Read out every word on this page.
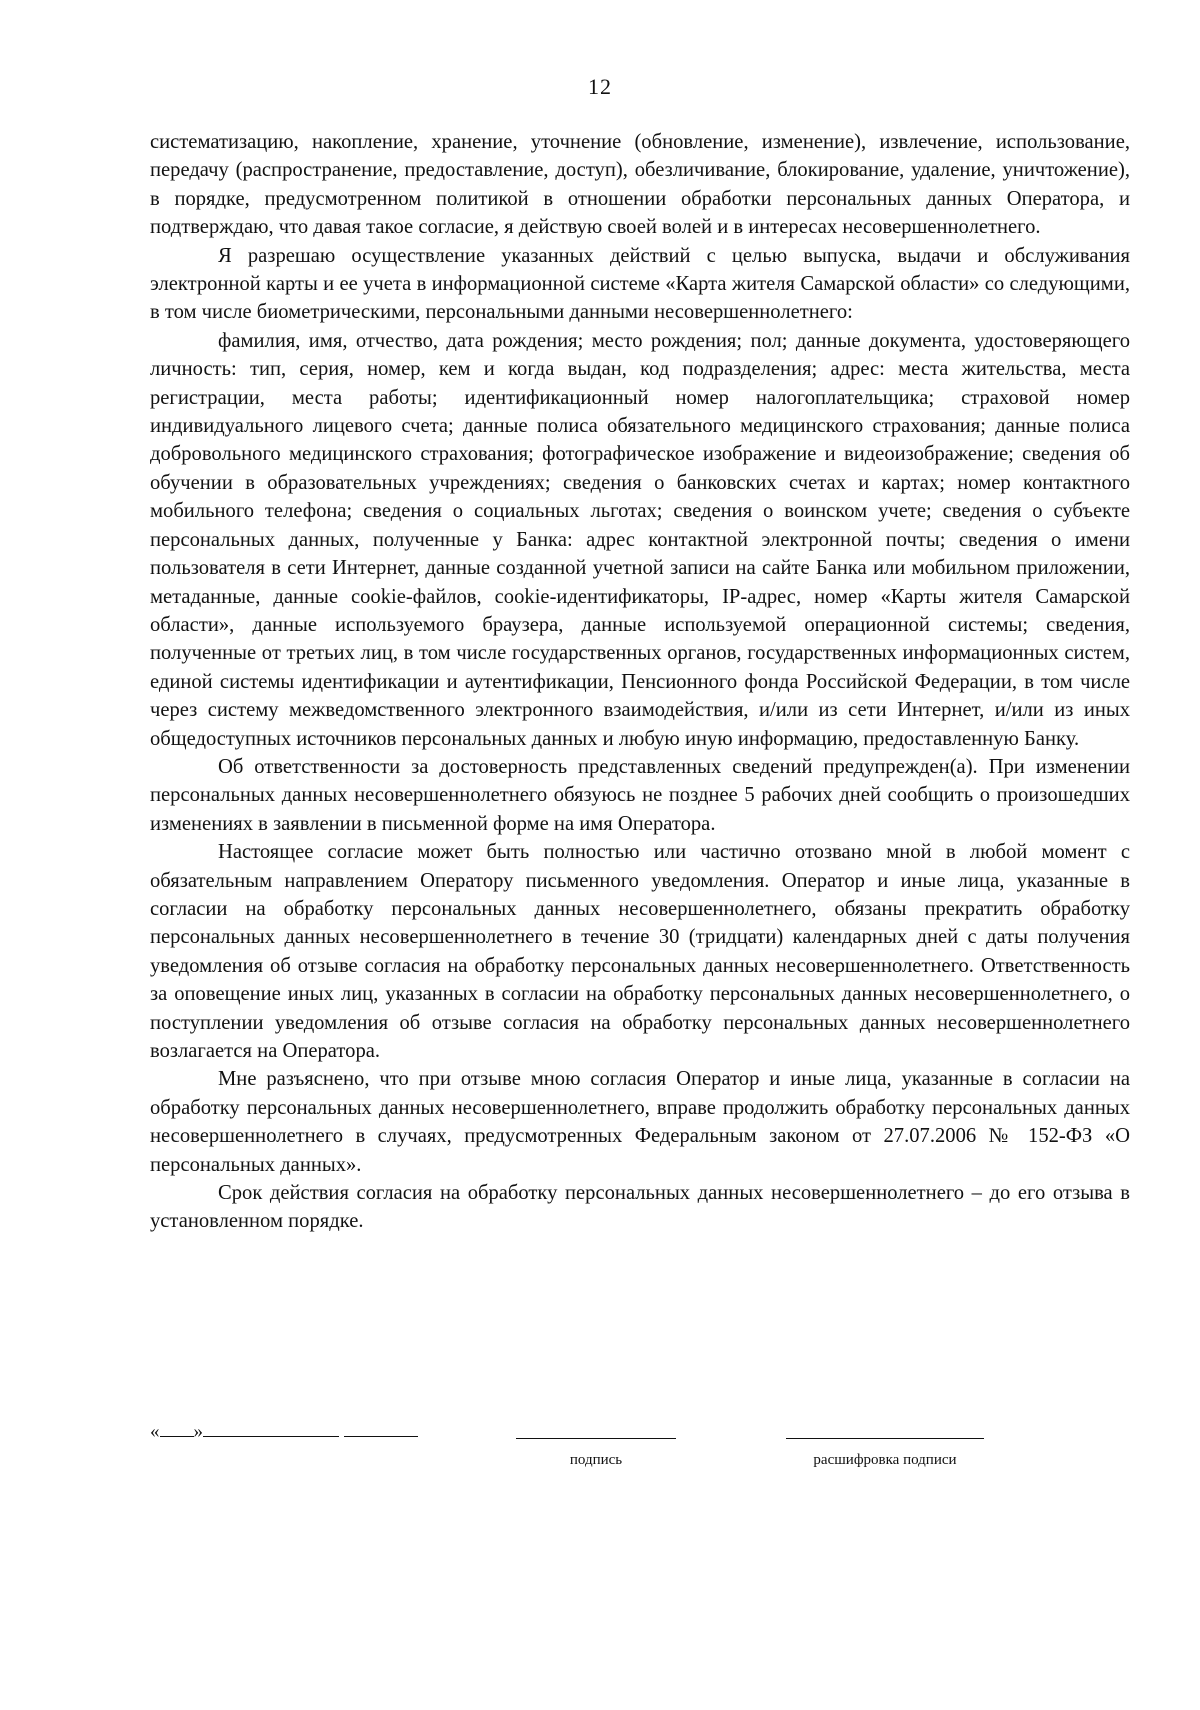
12

систематизацию, накопление, хранение, уточнение (обновление, изменение), извлечение, использование, передачу (распространение, предоставление, доступ), обезличивание, блокирование, удаление, уничтожение), в порядке, предусмотренном политикой в отношении обработки персональных данных Оператора, и подтверждаю, что давая такое согласие, я действую своей волей и в интересах несовершеннолетнего.

Я разрешаю осуществление указанных действий с целью выпуска, выдачи и обслуживания электронной карты и ее учета в информационной системе «Карта жителя Самарской области» со следующими, в том числе биометрическими, персональными данными несовершеннолетнего:

фамилия, имя, отчество, дата рождения; место рождения; пол; данные документа, удостоверяющего личность: тип, серия, номер, кем и когда выдан, код подразделения; адрес: места жительства, места регистрации, места работы; идентификационный номер налогоплательщика; страховой номер индивидуального лицевого счета; данные полиса обязательного медицинского страхования; данные полиса добровольного медицинского страхования; фотографическое изображение и видеоизображение; сведения об обучении в образовательных учреждениях; сведения о банковских счетах и картах; номер контактного мобильного телефона; сведения о социальных льготах; сведения о воинском учете; сведения о субъекте персональных данных, полученные у Банка: адрес контактной электронной почты; сведения о имени пользователя в сети Интернет, данные созданной учетной записи на сайте Банка или мобильном приложении, метаданные, данные cookie-файлов, cookie-идентификаторы, IP-адрес, номер «Карты жителя Самарской области», данные используемого браузера, данные используемой операционной системы; сведения, полученные от третьих лиц, в том числе государственных органов, государственных информационных систем, единой системы идентификации и аутентификации, Пенсионного фонда Российской Федерации, в том числе через систему межведомственного электронного взаимодействия, и/или из сети Интернет, и/или из иных общедоступных источников персональных данных и любую иную информацию, предоставленную Банку.

Об ответственности за достоверность представленных сведений предупрежден(а). При изменении персональных данных несовершеннолетнего обязуюсь не позднее 5 рабочих дней сообщить о произошедших изменениях в заявлении в письменной форме на имя Оператора.

Настоящее согласие может быть полностью или частично отозвано мной в любой момент с обязательным направлением Оператору письменного уведомления. Оператор и иные лица, указанные в согласии на обработку персональных данных несовершеннолетнего, обязаны прекратить обработку персональных данных несовершеннолетнего в течение 30 (тридцати) календарных дней с даты получения уведомления об отзыве согласия на обработку персональных данных несовершеннолетнего. Ответственность за оповещение иных лиц, указанных в согласии на обработку персональных данных несовершеннолетнего, о поступлении уведомления об отзыве согласия на обработку персональных данных несовершеннолетнего возлагается на Оператора.

Мне разъяснено, что при отзыве мною согласия Оператор и иные лица, указанные в согласии на обработку персональных данных несовершеннолетнего, вправе продолжить обработку персональных данных несовершеннолетнего в случаях, предусмотренных Федеральным законом от 27.07.2006 № 152-ФЗ «О персональных данных».

Срок действия согласия на обработку персональных данных несовершеннолетнего – до его отзыва в установленном порядке.

« »
подпись	расшифровка подписи
